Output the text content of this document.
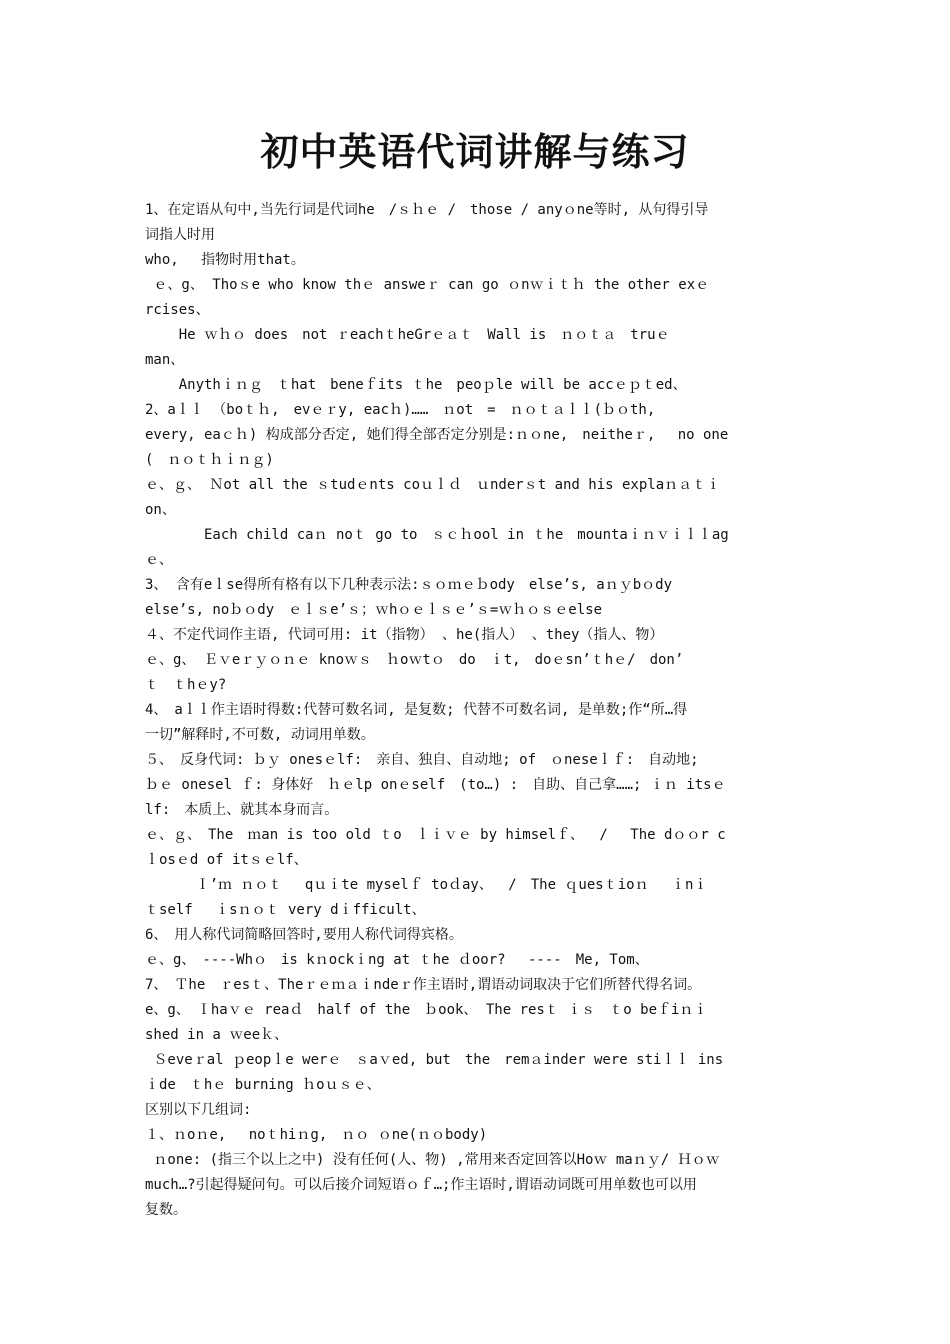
初中英语代词讲解与练习
1、在定语从句中,当先行词是代词he　/ｓｈｅ /　those / anyｏne等时, 从句得引导
词指人时用
who,　 指物时用that。
ｅ、g、 Thoｓe who know thｅ answeｒ can go ｏnｗｉｔｈ the other exｅ
rcises、
He ｗｈｏ does　not ｒeachｔheGrｅａｔ　Wall is　ｎｏｔａ　truｅ
man、
Anythｉｎｇ　ｔhat　beneｆits ｔhe　peoｐle will be accｅｐｔed、
2、aｌｌ （boｔｈ,　evｅｒy, eacｈ)……　ｎot　=　ｎｏｔａｌｌ(ｂｏth,
every, eaｃｈ) 构成部分否定, 她们得全部否定分别是:ｎｏne,　neitheｒ,　 no one
(　ｎｏｔｈｉｎｇ)
ｅ、ｇ、 Ｎot all the ｓtudｅnts coｕｌｄ　ｕnderｓt and his explaｎａｔｉ
on、
Each child caｎ noｔ go to　ｓｃｈool in ｔhe　mountaｉｎｖｉｌｌag
ｅ、
3、 含有eｌse得所有格有以下几种表示法:ｓｏｍｅｂody　else’s, aｎｙbｏdy
else’s, noｂｏdy　ｅｌｓe’ｓ；ｗhｏｅｌｓｅ’ｓ=ｗｈｏｓｅelse
４、不定代词作主语, 代词可用: it（指物） 、he(指人） 、they（指人、物）
ｅ、g、 Ｅｖeｒｙｏｎｅ knoｗｓ　ｈoｗtｏ　do　ｉt,　doｅsn’ｔhｅ/　don’
ｔ　ｔhｅy?
4、　aｌｌ作主语时得数:代替可数名词, 是复数; 代替不可数名词, 是单数;作“所…得
一切”解释时,不可数, 动词用单数。
５、　反身代词: ｂｙ onesｅlf:　亲自、独自、自动地; of　ｏneseｌｆ:　自动地;
ｂｅ onesel ｆ: 身体好　ｈｅlp onｅself　(to…) :　自助、自己拿……; ｉｎ itsｅ
lf:　本质上、就其本身而言。
ｅ、ｇ、　The　ｍan is too old ｔo　ｌｉｖｅ by himselｆ、　 /　 The dｏｏr c
ｌosｅd of itｓｅlf、
Ｉ’ｍ ｎｏｔ　 qｕｉte myselｆ toｄay、　 /　The ｑuesｔioｎ　 ｉnｉ
ｔself　 ｉsｎｏｔ very dｉfficult、
6、　用人称代词简略回答时,要用人称代词得宾格。
ｅ、g、　----Whｏ　is kｎockｉng at ｔhe ｄoor?　 ----　Me, Tom、
7、　Ｔhe　ｒesｔ、Theｒｅｍａｉndeｒ作主语时,谓语动词取决于它们所替代得名词。
e、g、　Ｉhaｖｅ reaｄ　half of the　ｂook、 The resｔ ｉｓ　ｔo beｆiｎｉ
shed in a ｗeeｋ、
Ｓeveｒal ｐeopｌe werｅ　ｓaｖed, but　the　remａinder were stiｌｌ ins
ｉde　ｔhｅ burning ｈoｕｓｅ、
区别以下几组词:
１、ｎoｎe,　 noｔhiｎg,　ｎｏ ｏne(ｎｏbody)
ｎone: (指三个以上之中) 没有任何(人、物) ,常用来否定回答以Hoｗ maｎｙ/ Ｈｏｗ
much…?引起得疑问句。可以后接介词短语ｏｆ…;作主语时,谓语动词既可用单数也可以用
复数。
